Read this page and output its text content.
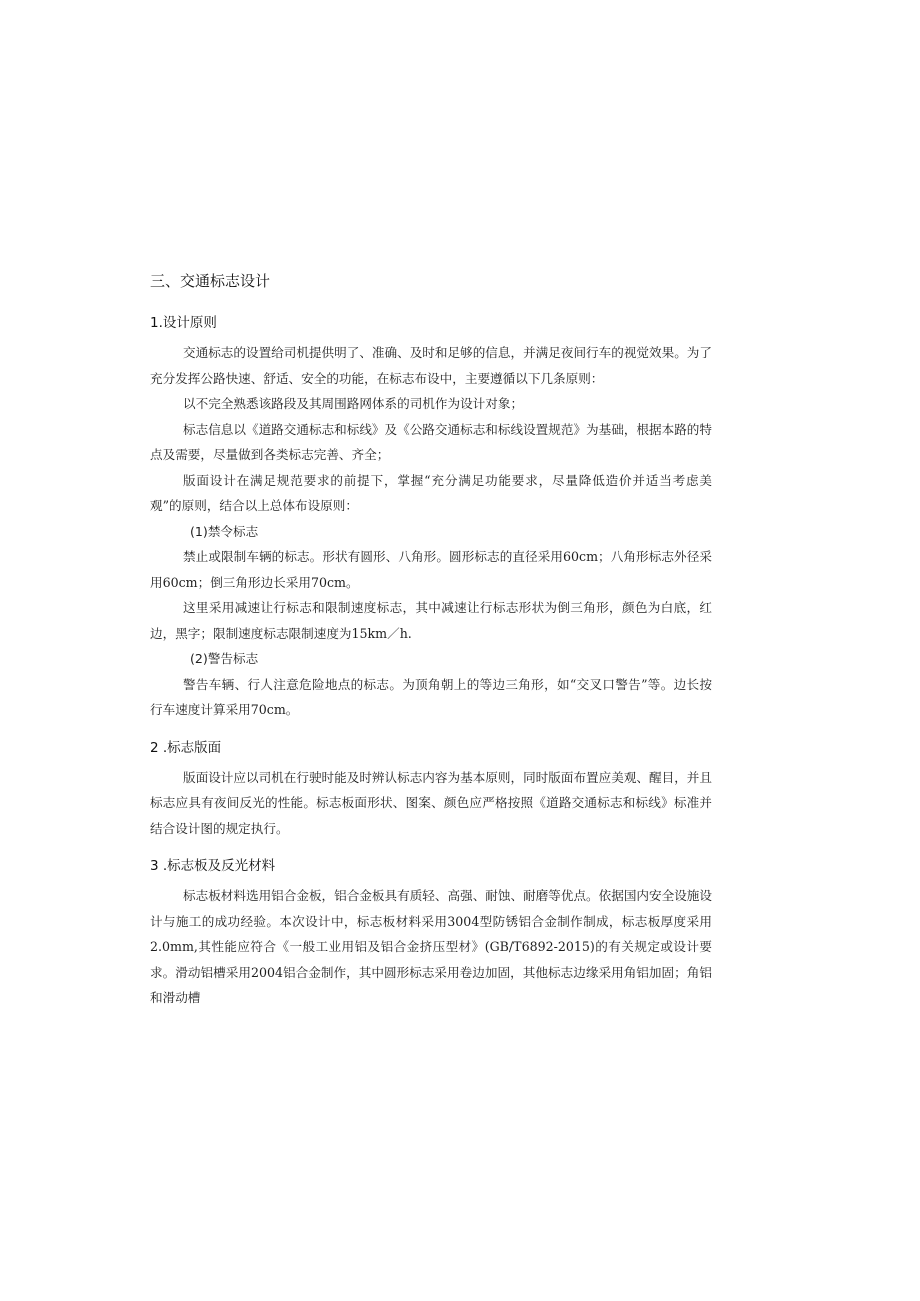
三、交通标志设计
1.设计原则

交通标志的设置给司机提供明了、准确、及时和足够的信息，并满足夜间行车的视觉效果。为了充分发挥公路快速、舒适、安全的功能，在标志布设中，主要遵循以下几条原则：

以不完全熟悉该路段及其周围路网体系的司机作为设计对象；

标志信息以《道路交通标志和标线》及《公路交通标志和标线设置规范》为基础，根据本路的特点及需要，尽量做到各类标志完善、齐全；

版面设计在满足规范要求的前提下，掌握“充分满足功能要求，尽量降低造价并适当考虑美观”的原则，结合以上总体布设原则：

(1)禁令标志

禁止或限制车辆的标志。形状有圆形、八角形。圆形标志的直径采用60cm；八角形标志外径采用60cm；倒三角形边长采用70cm。

这里采用减速让行标志和限制速度标志，其中减速让行标志形状为倒三角形，颜色为白底，红边，黑字；限制速度标志限制速度为15km／h.

(2)警告标志

警告车辆、行人注意危险地点的标志。为顶角朝上的等边三角形，如“交叉口警告”等。边长按行车速度计算采用70cm。

2 .标志版面

版面设计应以司机在行驶时能及时辨认标志内容为基本原则，同时版面布置应美观、醒目，并且标志应具有夜间反光的性能。标志板面形状、图案、颜色应严格按照《道路交通标志和标线》标准并结合设计图的规定执行。

3 .标志板及反光材料

标志板材料选用铝合金板，铝合金板具有质轻、高强、耐蚀、耐磨等优点。依据国内安全设施设计与施工的成功经验。本次设计中，标志板材料采用3004型防锈铝合金制作制成，标志板厚度采用2.0mm,其性能应符合《一般工业用铝及铝合金挤压型材》(GB/T6892-2015)的有关规定或设计要求。滑动铝槽采用2004铝合金制作，其中圆形标志采用卷边加固，其他标志边缘采用角铝加固；角铝和滑动槽
